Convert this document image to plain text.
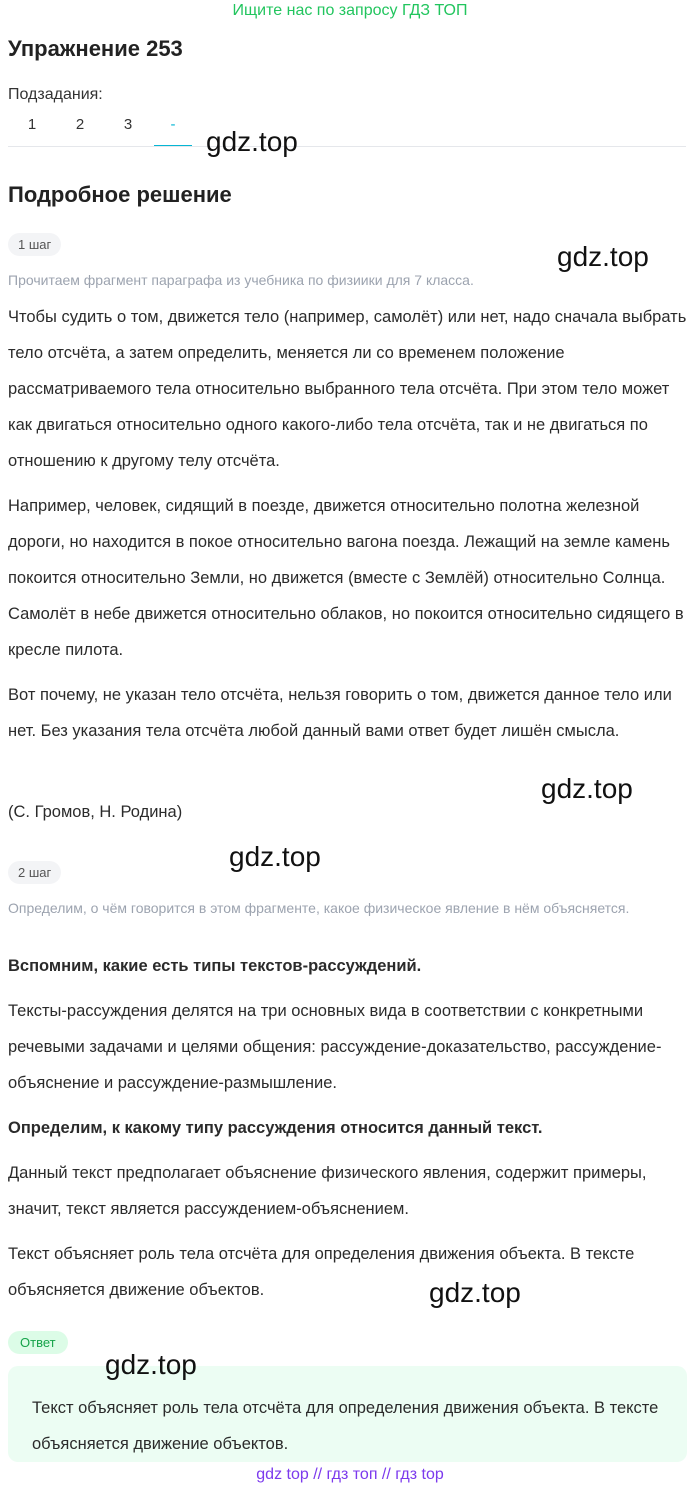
Ищите нас по запросу ГДЗ ТОП
Упражнение 253
Подзадания:
1	2	3	-
Подробное решение
1 шаг
Прочитаем фрагмент параграфа из учебника по физиики для 7 класса.
Чтобы судить о том, движется тело (например, самолёт) или нет, надо сначала выбрать тело отсчёта, а затем определить, меняется ли со временем положение рассматриваемого тела относительно выбранного тела отсчёта. При этом тело может как двигаться относительно одного какого-либо тела отсчёта, так и не двигаться по отношению к другому телу отсчёта.
Например, человек, сидящий в поезде, движется относительно полотна железной дороги, но находится в покое относительно вагона поезда. Лежащий на земле камень покоится относительно Земли, но движется (вместе с Землёй) относительно Солнца. Самолёт в небе движется относительно облаков, но покоится относительно сидящего в кресле пилота.
Вот почему, не указан тело отсчёта, нельзя говорить о том, движется данное тело или нет. Без указания тела отсчёта любой данный вами ответ будет лишён смысла.
(С. Громов, Н. Родина)
2 шаг
Определим, о чём говорится в этом фрагменте, какое физическое явление в нём объясняется.
Вспомним, какие есть типы текстов-рассуждений.
Тексты-рассуждения делятся на три основных вида в соответствии с конкретными речевыми задачами и целями общения: рассуждение-доказательство, рассуждение-объяснение и рассуждение-размышление.
Определим, к какому типу рассуждения относится данный текст.
Данный текст предполагает объяснение физического явления, содержит примеры, значит, текст является рассуждением-объяснением.
Текст объясняет роль тела отсчёта для определения движения объекта. В тексте объясняется движение объектов.
Ответ
Текст объясняет роль тела отсчёта для определения движения объекта. В тексте объясняется движение объектов.
gdz.top
gdz.top
gdz.top
gdz.top
gdz.top
gdz.top
gdz top // гдз топ // гдз top
